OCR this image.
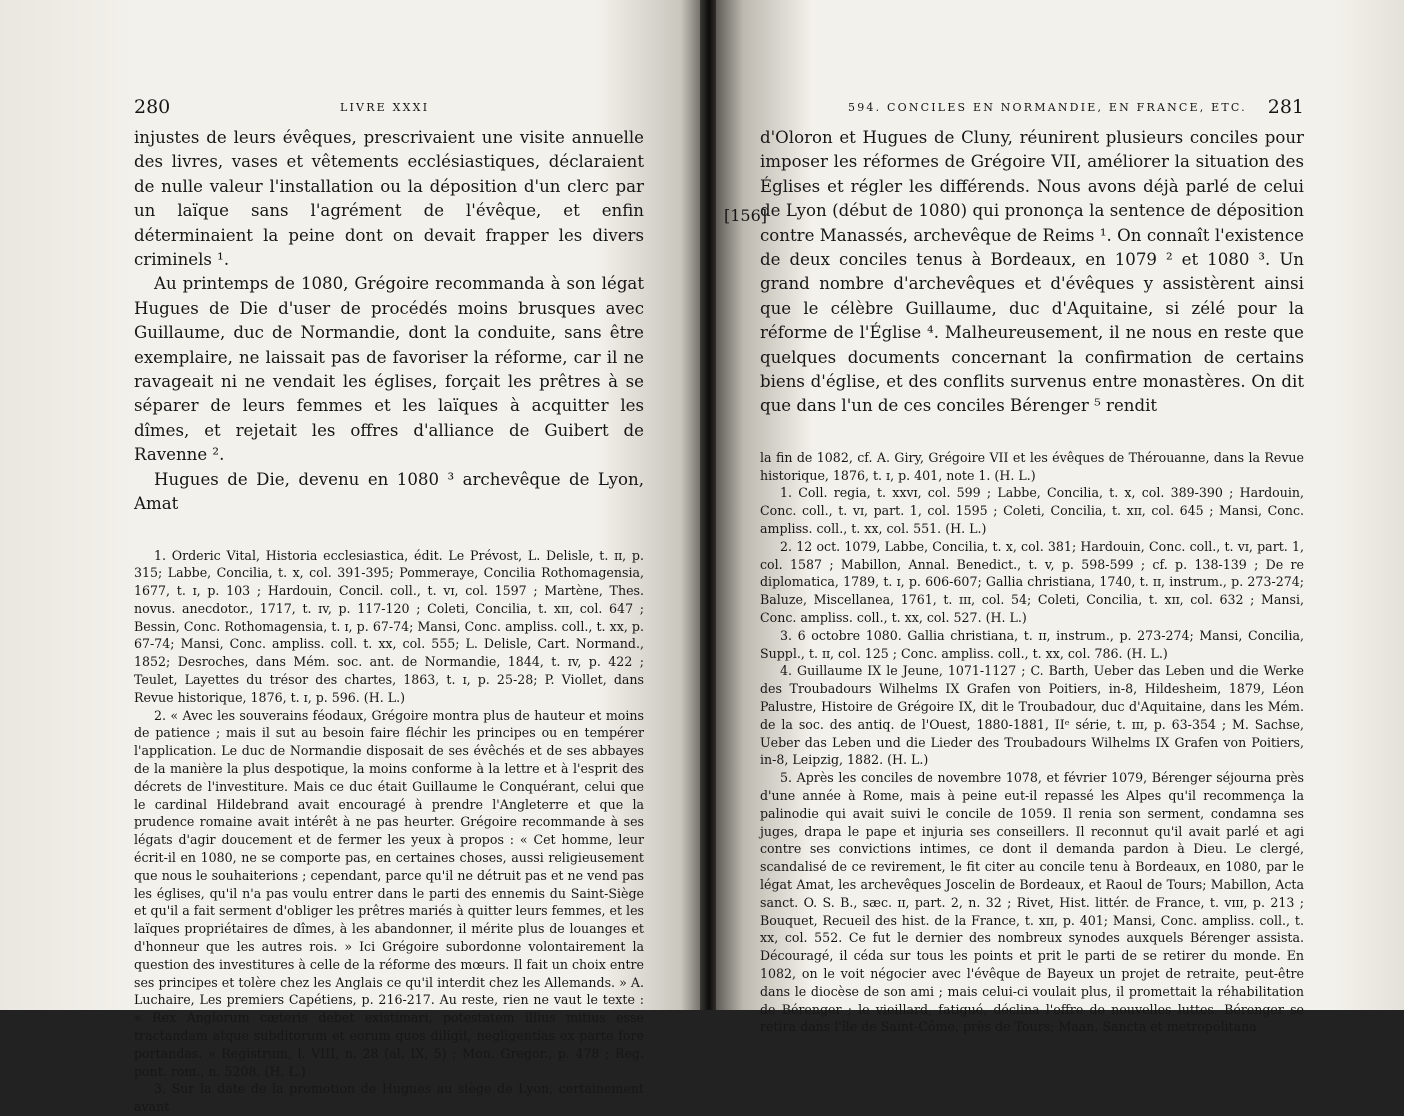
280	LIVRE XXXI

injustes de leurs évêques, prescrivaient une visite annuelle des livres, vases et vêtements ecclésiastiques, déclaraient de nulle valeur l'installation ou la déposition d'un clerc par un laïque sans l'agrément de l'évêque, et enfin déterminaient la peine dont on devait frapper les divers criminels ¹.

Au printemps de 1080, Grégoire recommanda à son légat Hugues de Die d'user de procédés moins brusques avec Guillaume, duc de Normandie, dont la conduite, sans être exemplaire, ne laissait pas de favoriser la réforme, car il ne ravageait ni ne vendait les églises, forçait les prêtres à se séparer de leurs femmes et les laïques à acquitter les dîmes, et rejetait les offres d'alliance de Guibert de Ravenne ².

Hugues de Die, devenu en 1080 ³ archevêque de Lyon, Amat

1. Orderic Vital, Historia ecclesiastica, édit. Le Prévost, L. Delisle, t. ɪɪ, p. 315; Labbe, Concilia, t. x, col. 391-395; Pommeraye, Concilia Rothomagensia, 1677, t. ɪ, p. 103 ; Hardouin, Concil. coll., t. vɪ, col. 1597 ; Martène, Thes. novus. anecdotor., 1717, t. ɪv, p. 117-120 ; Coleti, Concilia, t. xɪɪ, col. 647 ; Bessin, Conc. Rothomagensia, t. ɪ, p. 67-74; Mansi, Conc. ampliss. coll., t. xx, p. 67-74; Mansi, Conc. ampliss. coll. t. xx, col. 555; L. Delisle, Cart. Normand., 1852; Desroches, dans Mém. soc. ant. de Normandie, 1844, t. ɪv, p. 422 ; Teulet, Layettes du trésor des chartes, 1863, t. ɪ, p. 25-28; P. Viollet, dans Revue historique, 1876, t. ɪ, p. 596. (H. L.)

2. « Avec les souverains féodaux, Grégoire montra plus de hauteur et moins de patience ; mais il sut au besoin faire fléchir les principes ou en tempérer l'application. Le duc de Normandie disposait de ses évêchés et de ses abbayes de la manière la plus despotique, la moins conforme à la lettre et à l'esprit des décrets de l'investiture. Mais ce duc était Guillaume le Conquérant, celui que le cardinal Hildebrand avait encouragé à prendre l'Angleterre et que la prudence romaine avait intérêt à ne pas heurter. Grégoire recommande à ses légats d'agir doucement et de fermer les yeux à propos : « Cet homme, leur écrit-il en 1080, ne se comporte pas, en certaines choses, aussi religieusement que nous le souhaiterions ; cependant, parce qu'il ne détruit pas et ne vend pas les églises, qu'il n'a pas voulu entrer dans le parti des ennemis du Saint-Siège et qu'il a fait serment d'obliger les prêtres mariés à quitter leurs femmes, et les laïques propriétaires de dîmes, à les abandonner, il mérite plus de louanges et d'honneur que les autres rois. » Ici Grégoire subordonne volontairement la question des investitures à celle de la réforme des mœurs. Il fait un choix entre ses principes et tolère chez les Anglais ce qu'il interdit chez les Allemands. » A. Luchaire, Les premiers Capétiens, p. 216-217. Au reste, rien ne vaut le texte : « Rex Anglorum cæteris debet existimari, potestatem illius mitius esse tractandam atque subditorum et eorum quos diligit, negligentias ex parte fore portandas. » Registrum, l. VIII, n. 28 (al. IX, 5) ; Mon. Gregor., p. 478 ; Reg. pont. rom., n. 5208. (H. L.)

3. Sur la date de la promotion de Hugues au siège de Lyon, certainement avant

594. CONCILES EN NORMANDIE, EN FRANCE, ETC. 281
[156]

d'Oloron et Hugues de Cluny, réunirent plusieurs conciles pour imposer les réformes de Grégoire VII, améliorer la situation des Églises et régler les différends. Nous avons déjà parlé de celui de Lyon (début de 1080) qui prononça la sentence de déposition contre Manassés, archevêque de Reims ¹. On connaît l'existence de deux conciles tenus à Bordeaux, en 1079 ² et 1080 ³. Un grand nombre d'archevêques et d'évêques y assistèrent ainsi que le célèbre Guillaume, duc d'Aquitaine, si zélé pour la réforme de l'Église ⁴. Malheureusement, il ne nous en reste que quelques documents concernant la confirmation de certains biens d'église, et des conflits survenus entre monastères. On dit que dans l'un de ces conciles Bérenger ⁵ rendit

la fin de 1082, cf. A. Giry, Grégoire VII et les évêques de Thérouanne, dans la Revue historique, 1876, t. ɪ, p. 401, note 1. (H. L.)

1. Coll. regia, t. xxvɪ, col. 599 ; Labbe, Concilia, t. x, col. 389-390 ; Hardouin, Conc. coll., t. vɪ, part. 1, col. 1595 ; Coleti, Concilia, t. xɪɪ, col. 645 ; Mansi, Conc. ampliss. coll., t. xx, col. 551. (H. L.)

2. 12 oct. 1079, Labbe, Concilia, t. x, col. 381; Hardouin, Conc. coll., t. vɪ, part. 1, col. 1587 ; Mabillon, Annal. Benedict., t. v, p. 598-599 ; cf. p. 138-139 ; De re diplomatica, 1789, t. ɪ, p. 606-607; Gallia christiana, 1740, t. ɪɪ, instrum., p. 273-274; Baluze, Miscellanea, 1761, t. ɪɪɪ, col. 54; Coleti, Concilia, t. xɪɪ, col. 632 ; Mansi, Conc. ampliss. coll., t. xx, col. 527. (H. L.)

3. 6 octobre 1080. Gallia christiana, t. ɪɪ, instrum., p. 273-274; Mansi, Concilia, Suppl., t. ɪɪ, col. 125 ; Conc. ampliss. coll., t. xx, col. 786. (H. L.)

4. Guillaume IX le Jeune, 1071-1127 ; C. Barth, Ueber das Leben und die Werke des Troubadours Wilhelms IX Grafen von Poitiers, in-8, Hildesheim, 1879, Léon Palustre, Histoire de Grégoire IX, dit le Troubadour, duc d'Aquitaine, dans les Mém. de la soc. des antiq. de l'Ouest, 1880-1881, IIᵉ série, t. ɪɪɪ, p. 63-354 ; M. Sachse, Ueber das Leben und die Lieder des Troubadours Wilhelms IX Grafen von Poitiers, in-8, Leipzig, 1882. (H. L.)

5. Après les conciles de novembre 1078, et février 1079, Bérenger séjourna près d'une année à Rome, mais à peine eut-il repassé les Alpes qu'il recommença la palinodie qui avait suivi le concile de 1059. Il renia son serment, condamna ses juges, drapa le pape et injuria ses conseillers. Il reconnut qu'il avait parlé et agi contre ses convictions intimes, ce dont il demanda pardon à Dieu. Le clergé, scandalisé de ce revirement, le fit citer au concile tenu à Bordeaux, en 1080, par le légat Amat, les archevêques Joscelin de Bordeaux, et Raoul de Tours; Mabillon, Acta sanct. O. S. B., sæc. ɪɪ, part. 2, n. 32 ; Rivet, Hist. littér. de France, t. vɪɪɪ, p. 213 ; Bouquet, Recueil des hist. de la France, t. xɪɪ, p. 401; Mansi, Conc. ampliss. coll., t. xx, col. 552. Ce fut le dernier des nombreux synodes auxquels Bérenger assista. Découragé, il céda sur tous les points et prit le parti de se retirer du monde. En 1082, on le voit négocier avec l'évêque de Bayeux un projet de retraite, peut-être dans le diocèse de son ami ; mais celui-ci voulait plus, il promettait la réhabilitation de Bérenger ; le vieillard, fatigué, déclina l'offre de nouvelles luttes. Bérenger se retira dans l'île de Saint-Côme, près de Tours; Maan, Sancta et metropolitana
